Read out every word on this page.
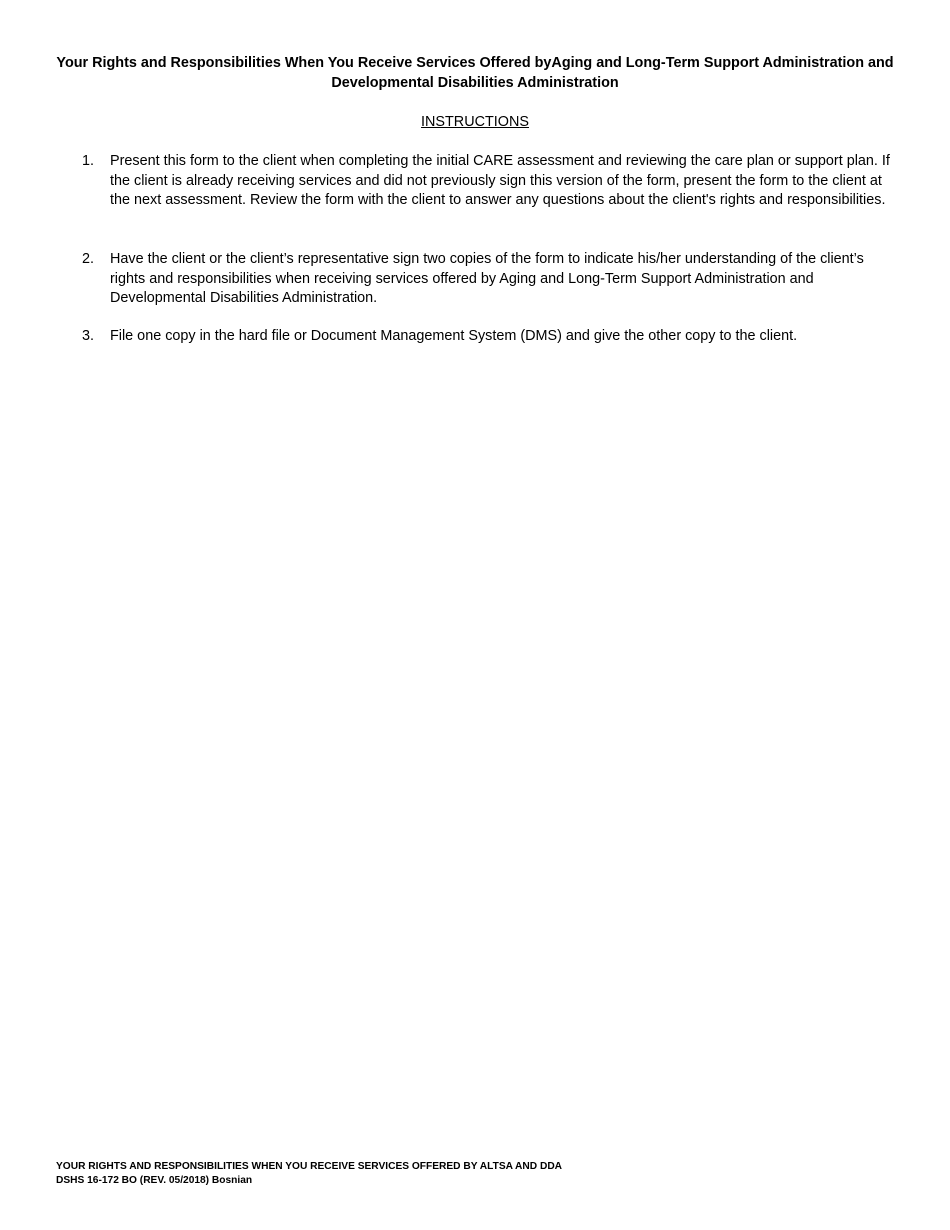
Your Rights and Responsibilities When You Receive Services Offered byAging and Long-Term Support Administration and Developmental Disabilities Administration
INSTRUCTIONS
1.	Present this form to the client when completing the initial CARE assessment and reviewing the care plan or support plan. If the client is already receiving services and did not previously sign this version of the form, present the form to the client at the next assessment. Review the form with the client to answer any questions about the client's rights and responsibilities.
2.	Have the client or the client’s representative sign two copies of the form to indicate his/her understanding of the client’s rights and responsibilities when receiving services offered by Aging and Long-Term Support Administration and Developmental Disabilities Administration.
3.	File one copy in the hard file or Document Management System (DMS) and give the other copy to the client.
YOUR RIGHTS AND RESPONSIBILITIES WHEN YOU RECEIVE SERVICES OFFERED BY ALTSA AND DDA
DSHS 16-172 BO (REV. 05/2018) Bosnian
